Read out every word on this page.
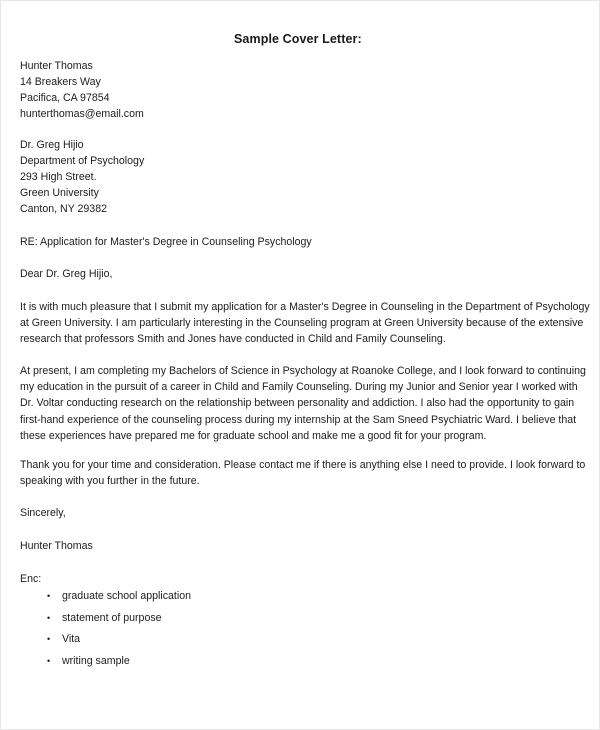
Sample Cover Letter:
Hunter Thomas
14 Breakers Way
Pacifica, CA 97854
hunterthomas@email.com
Dr. Greg Hijio
Department of Psychology
293 High Street.
Green University
Canton, NY 29382
RE: Application for Master's Degree in Counseling Psychology
Dear Dr. Greg Hijio,
It is with much pleasure that I submit my application for a Master's Degree in Counseling in the Department of Psychology
at Green University. I am particularly interesting in the Counseling program at Green University because of the extensive
research that professors Smith and Jones have conducted in Child and Family Counseling.
At present, I am completing my Bachelors of Science in Psychology at Roanoke College, and I look forward to continuing
my education in the pursuit of a career in Child and Family Counseling. During my Junior and Senior year I worked with
Dr. Voltar conducting research on the relationship between personality and addiction. I also had the opportunity to gain
first-hand experience of the counseling process during my internship at the Sam Sneed Psychiatric Ward. I believe that
these experiences have prepared me for graduate school and make me a good fit for your program.
Thank you for your time and consideration. Please contact me if there is anything else I need to provide. I look forward to
speaking with you further in the future.
Sincerely,
Hunter Thomas
Enc:
• graduate school application
• statement of purpose
• Vita
• writing sample
